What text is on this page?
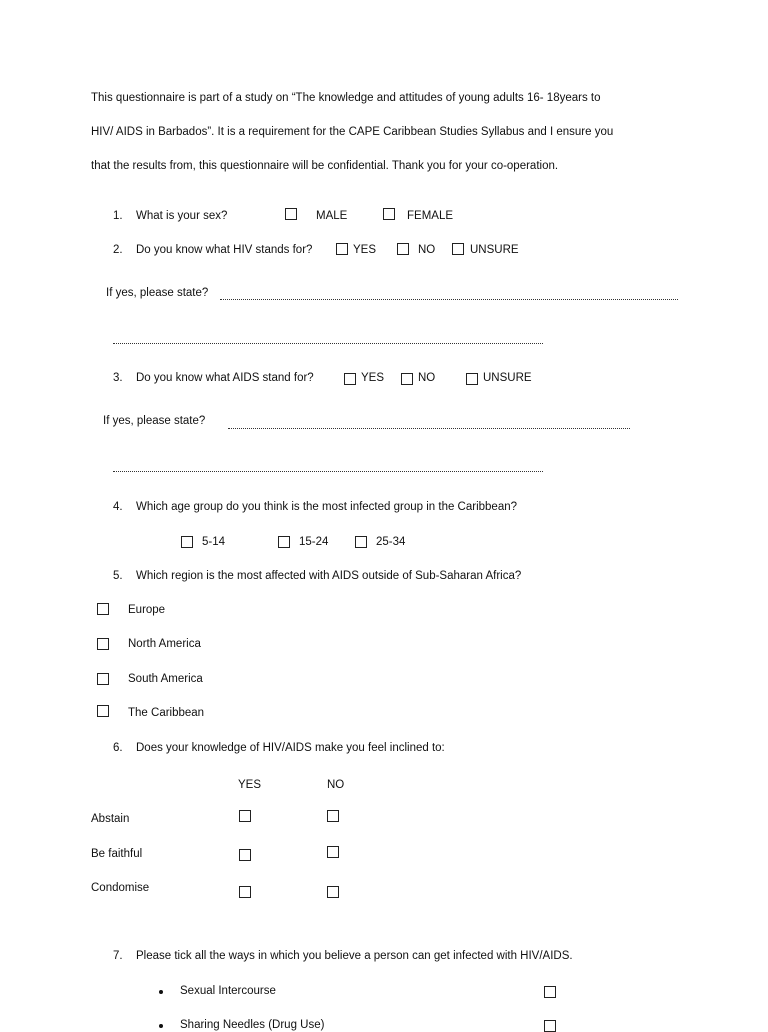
This questionnaire is part of a study on “The knowledge and attitudes of young adults 16- 18years to
HIV/ AIDS in Barbados”. It is a requirement for the CAPE Caribbean Studies Syllabus and I ensure you
that the results from, this questionnaire will be confidential. Thank you for your co-operation.
1. What is your sex?	MALE	FEMALE
2. Do you know what HIV stands for?	YES	NO	UNSURE
If yes, please state?
3. Do you know what AIDS stand for?	YES	NO	UNSURE
If yes, please state?
4. Which age group do you think is the most infected group in the Caribbean?
5-14	15-24	25-34
5. Which region is the most affected with AIDS outside of Sub-Saharan Africa?
Europe
North America
South America
The Caribbean
6. Does your knowledge of HIV/AIDS make you feel inclined to:
YES	NO
Abstain
Be faithful
Condomise
7. Please tick all the ways in which you believe a person can get infected with HIV/AIDS.
Sexual Intercourse
Sharing Needles (Drug Use)
